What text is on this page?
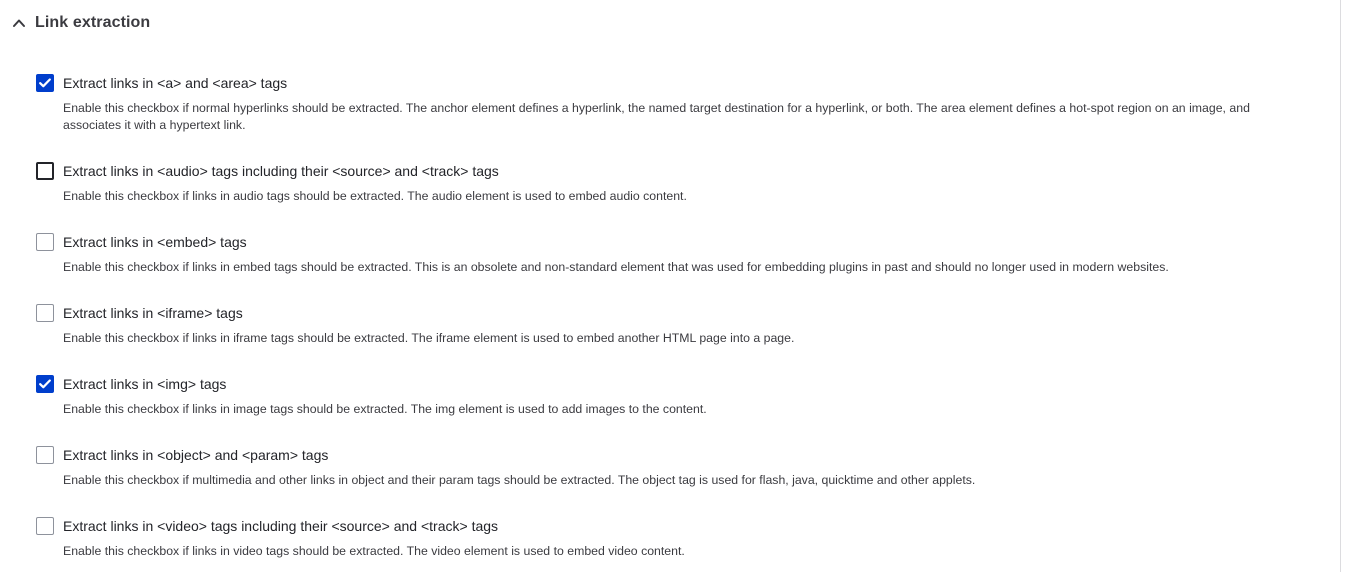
Link extraction
Extract links in <a> and <area> tags
Enable this checkbox if normal hyperlinks should be extracted. The anchor element defines a hyperlink, the named target destination for a hyperlink, or both. The area element defines a hot-spot region on an image, and associates it with a hypertext link.
Extract links in <audio> tags including their <source> and <track> tags
Enable this checkbox if links in audio tags should be extracted. The audio element is used to embed audio content.
Extract links in <embed> tags
Enable this checkbox if links in embed tags should be extracted. This is an obsolete and non-standard element that was used for embedding plugins in past and should no longer used in modern websites.
Extract links in <iframe> tags
Enable this checkbox if links in iframe tags should be extracted. The iframe element is used to embed another HTML page into a page.
Extract links in <img> tags
Enable this checkbox if links in image tags should be extracted. The img element is used to add images to the content.
Extract links in <object> and <param> tags
Enable this checkbox if multimedia and other links in object and their param tags should be extracted. The object tag is used for flash, java, quicktime and other applets.
Extract links in <video> tags including their <source> and <track> tags
Enable this checkbox if links in video tags should be extracted. The video element is used to embed video content.
